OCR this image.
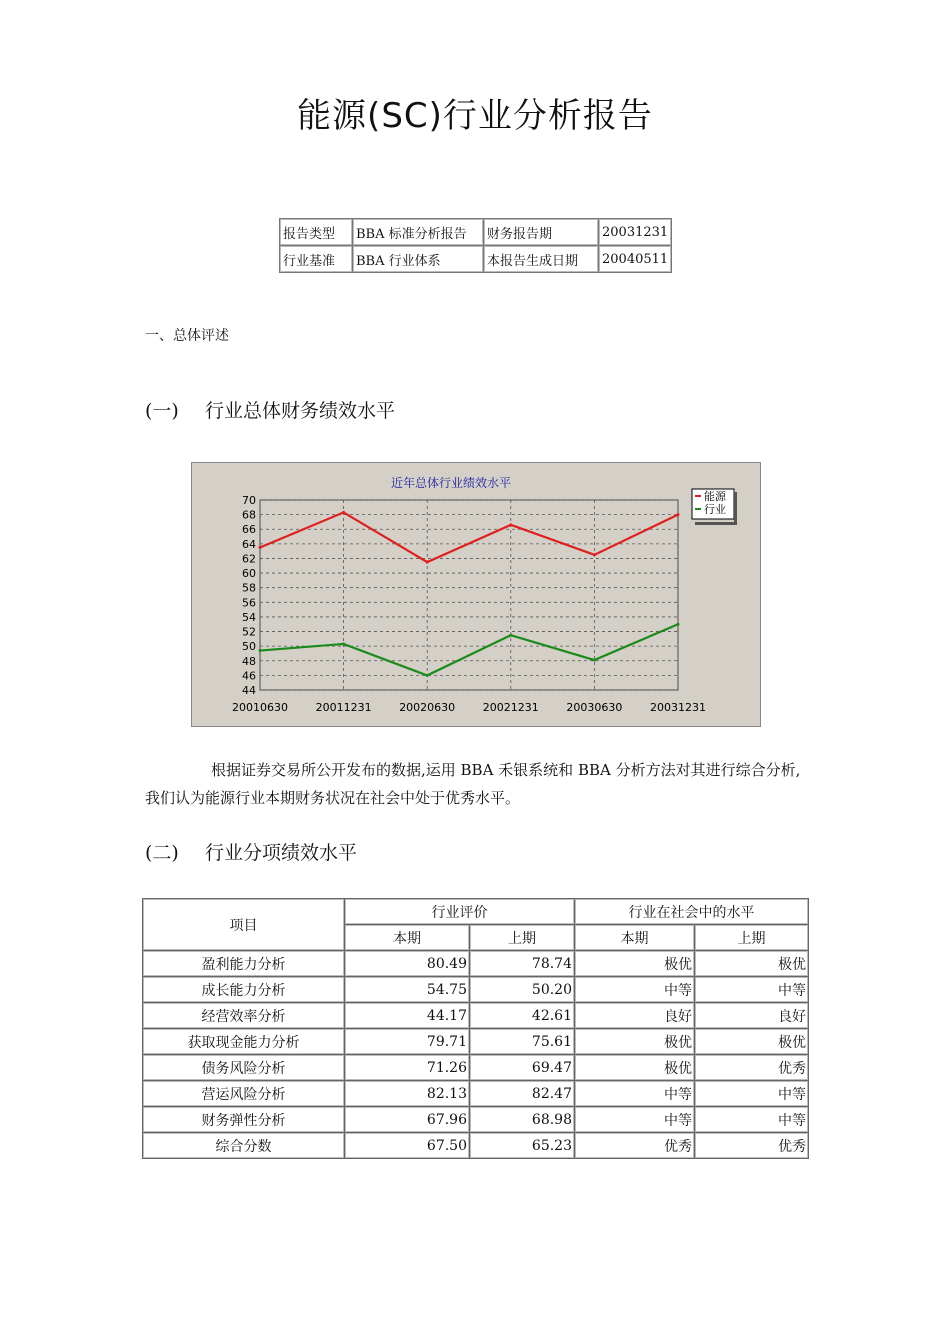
能源(SC)行业分析报告
报告类型	BBA 标准分析报告	财务报告期	20031231
行业基准	BBA 行业体系	本报告生成日期	20040511
一、总体评述
(一) 行业总体财务绩效水平
70
68
66
64
62
60
58
56
54
52
50
48
46
44
20010630	20011231	20020630	20021231	20030630	20031231
近年总体行业绩效水平
能源
行业
根据证券交易所公开发布的数据,运用 BBA 禾银系统和 BBA 分析方法对其进行综合分析,我们认为能源行业本期财务状况在社会中处于优秀水平。
(二) 行业分项绩效水平
项目	行业评价		行业在社会中的水平	
	本期	上期	本期	上期
盈利能力分析	80.49	78.74	极优	极优
成长能力分析	54.75	50.20	中等	中等
经营效率分析	44.17	42.61	良好	良好
获取现金能力分析	79.71	75.61	极优	极优
债务风险分析	71.26	69.47	极优	优秀
营运风险分析	82.13	82.47	中等	中等
财务弹性分析	67.96	68.98	中等	中等
综合分数	67.50	65.23	优秀	优秀
